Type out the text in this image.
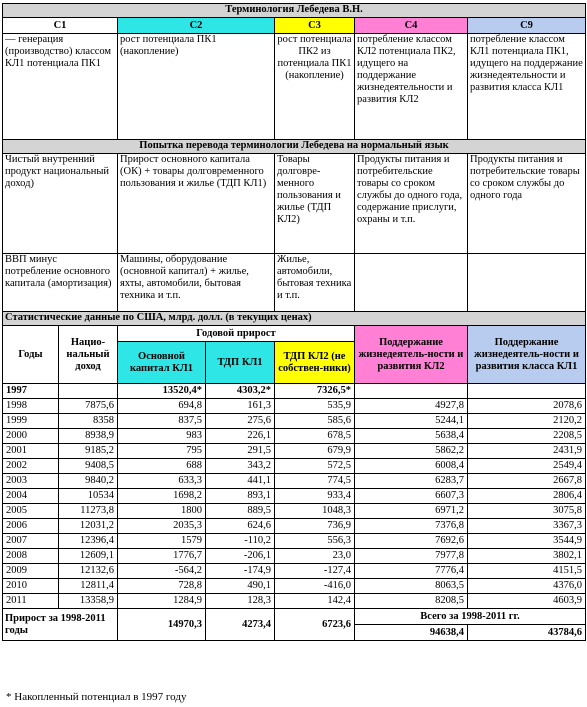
Терминология Лебедева В.Н.						
С1		С2		С3	С4	С9
— генерация (производство) классом КЛ1 потенциала ПК1		рост потенциала ПК1 (накопление)		рост потенциала ПК2 из потенциала ПК1 (накопление)	потребление классом КЛ2 потенциала ПК2, идущего на поддержание жизнедеятельности и развития КЛ2	потребление классом КЛ1 потенциала ПК1, идущего на поддержание жизнедеятельности и развития класса КЛ1
Попытка перевода терминологии Лебедева на нормальный язык						
Чистый внутренний продукт национальный доход)		Прирост основного капитала (ОК) + товары долговременного пользования и жилье (ТДП КЛ1)		Товары долговре-менного пользования и жилье (ТДП КЛ2)	Продукты питания и потребительские товары со сроком службы до одного года, содержание прислуги, охраны и т.п.	Продукты питания и потребительские товары со сроком службы до одного года
ВВП минус потребление основного капитала (амортизация)		Машины, оборудование (основной капитал) + жилье, яхты, автомобили, бытовая техника и т.п.		Жилье, автомобили, бытовая техника и т.п.		
Статистические данные по США, млрд. долл. (в текущих ценах)						
Годы	Нацио-нальный доход	Годовой прирост			Поддержание жизнедеятель-ности и развития КЛ2	Поддержание жизнедеятель-ности и развития класса КЛ1
		Основной капитал КЛ1	ТДП КЛ1	ТДП КЛ2 (не собствен-ники)		
1997		13520,4*	4303,2*	7326,5*		
1998	7875,6	694,8	161,3	535,9	4927,8	2078,6
1999	8358	837,5	275,6	585,6	5244,1	2120,2
2000	8938,9	983	226,1	678,5	5638,4	2208,5
2001	9185,2	795	291,5	679,9	5862,2	2431,9
2002	9408,5	688	343,2	572,5	6008,4	2549,4
2003	9840,2	633,3	441,1	774,5	6283,7	2667,8
2004	10534	1698,2	893,1	933,4	6607,3	2806,4
2005	11273,8	1800	889,5	1048,3	6971,2	3075,8
2006	12031,2	2035,3	624,6	736,9	7376,8	3367,3
2007	12396,4	1579	-110,2	556,3	7692,6	3544,9
2008	12609,1	1776,7	-206,1	23,0	7977,8	3802,1
2009	12132,6	-564,2	-174,9	-127,4	7776,4	4151,5
2010	12811,4	728,8	490,1	-416,0	8063,5	4376,0
2011	13358,9	1284,9	128,3	142,4	8208,5	4603,9
Прирост за 1998-2011 годы		14970,3	4273,4	6723,6	Всего за 1998-2011 гг.	
					94638,4	43784,6
* Накопленный потенциал в 1997 году
